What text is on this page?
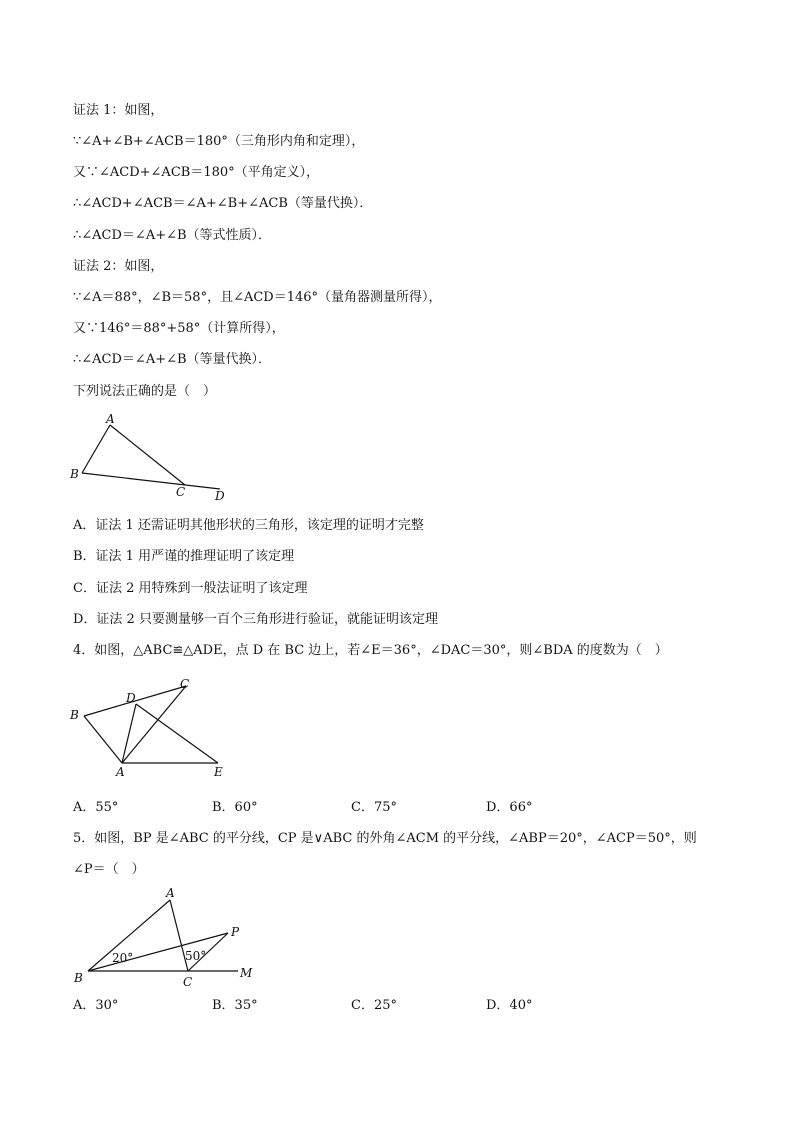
证法 1：如图，
∵∠A+∠B+∠ACB＝180°（三角形内角和定理），
又∵∠ACD+∠ACB＝180°（平角定义），
∴∠ACD+∠ACB＝∠A+∠B+∠ACB（等量代换）．
∴∠ACD＝∠A+∠B（等式性质）．
证法 2：如图，
∵∠A＝88°，∠B＝58°，且∠ACD＝146°（量角器测量所得），
又∵146°＝88°+58°（计算所得），
∴∠ACD＝∠A+∠B（等量代换）．
下列说法正确的是（　）
A
B
C D
A．证法 1 还需证明其他形状的三角形，该定理的证明才完整
B．证法 1 用严谨的推理证明了该定理
C．证法 2 用特殊到一般法证明了该定理
D．证法 2 只要测量够一百个三角形进行验证，就能证明该定理
4．如图，△ABC≌△ADE，点 D 在 BC 边上，若∠E＝36°，∠DAC＝30°，则∠BDA 的度数为（　）
B
D
C
A	E
A．55°	B．60°	C．75°	D．66°
5．如图，BP 是∠ABC 的平分线，CP 是∨ABC 的外角∠ACM 的平分线，∠ABP＝20°，∠ACP＝50°，则
∠P＝（　）
A
B	C
P
M
20°	50°
A．30°	B．35°	C．25°	D．40°
